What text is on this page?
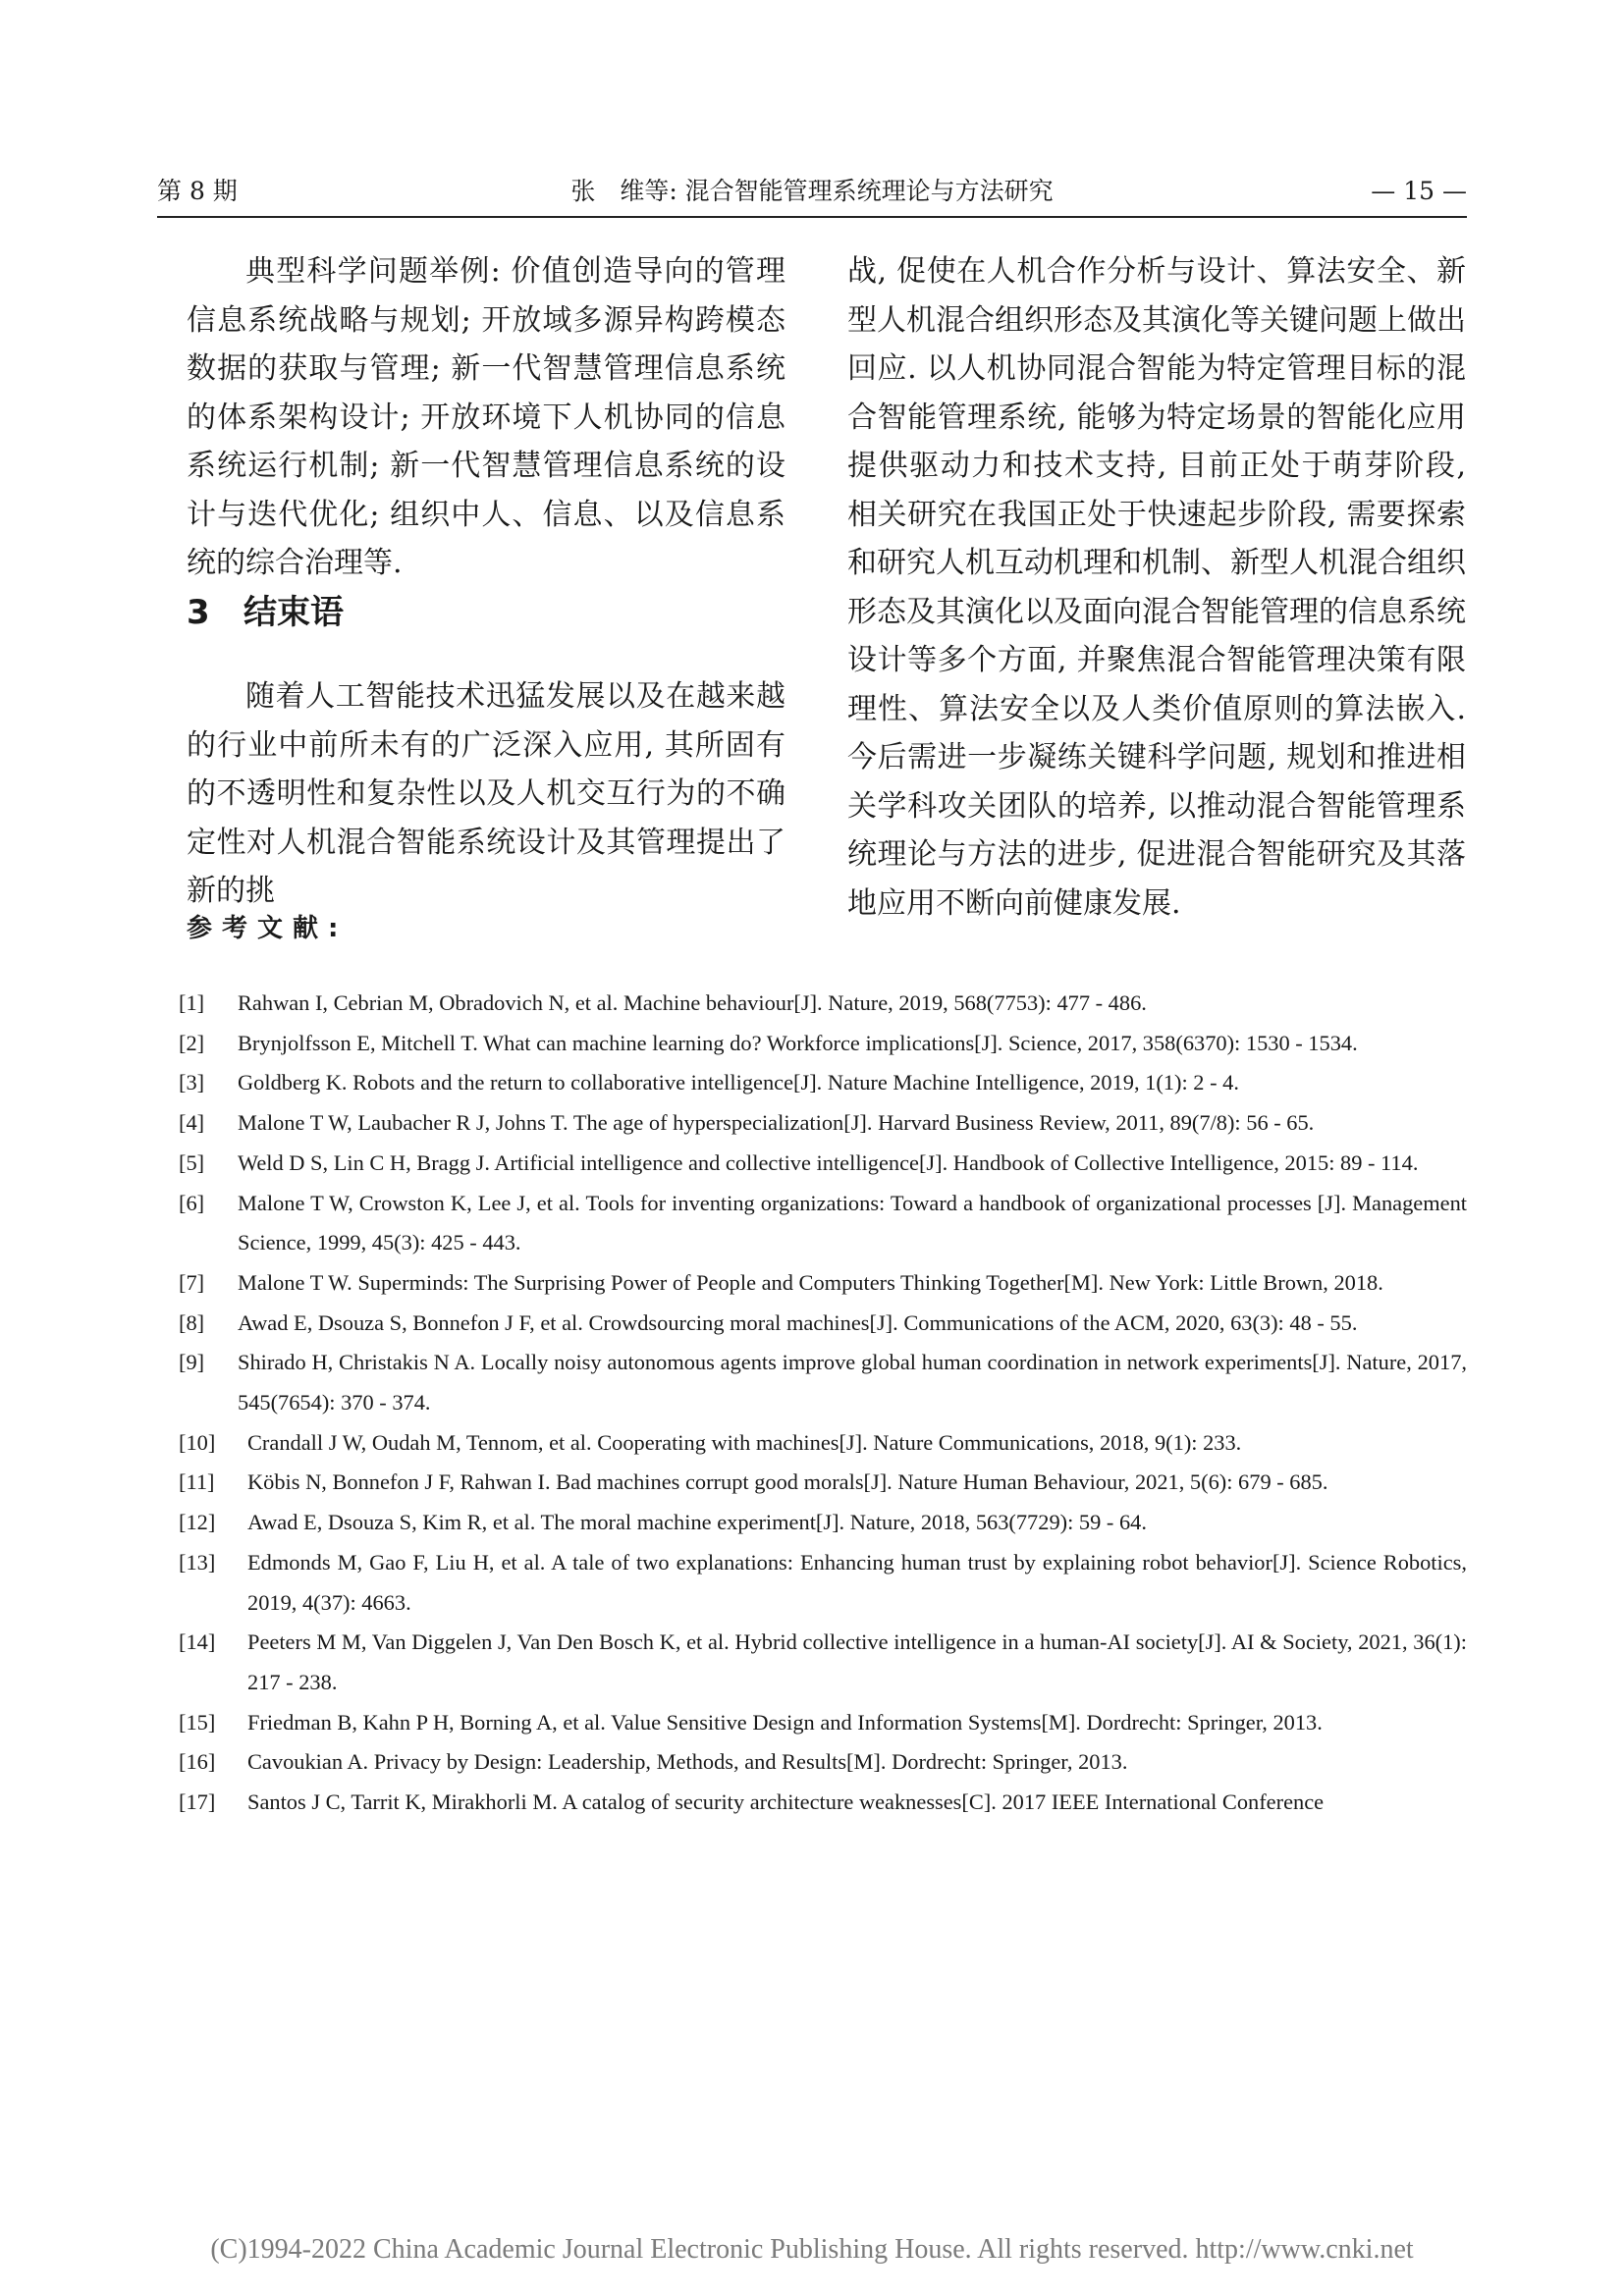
第 8 期	张　维等: 混合智能管理系统理论与方法研究	— 15 —

典型科学问题举例: 价值创造导向的管理信息系统战略与规划; 开放域多源异构跨模态数据的获取与管理; 新一代智慧管理信息系统的体系架构设计; 开放环境下人机协同的信息系统运行机制; 新一代智慧管理信息系统的设计与迭代优化; 组织中人、信息、以及信息系统的综合治理等.

3 结束语

随着人工智能技术迅猛发展以及在越来越的行业中前所未有的广泛深入应用, 其所固有的不透明性和复杂性以及人机交互行为的不确定性对人机混合智能系统设计及其管理提出了新的挑

战, 促使在人机合作分析与设计、算法安全、新型人机混合组织形态及其演化等关键问题上做出回应. 以人机协同混合智能为特定管理目标的混合智能管理系统, 能够为特定场景的智能化应用提供驱动力和技术支持, 目前正处于萌芽阶段, 相关研究在我国正处于快速起步阶段, 需要探索和研究人机互动机理和机制、新型人机混合组织形态及其演化以及面向混合智能管理的信息系统设计等多个方面, 并聚焦混合智能管理决策有限理性、算法安全以及人类价值原则的算法嵌入. 今后需进一步凝练关键科学问题, 规划和推进相关学科攻关团队的培养, 以推动混合智能管理系统理论与方法的进步, 促进混合智能研究及其落地应用不断向前健康发展.

参考文献:

[1] Rahwan I, Cebrian M, Obradovich N, et al. Machine behaviour[J]. Nature, 2019, 568(7753): 477 - 486.

[2] Brynjolfsson E, Mitchell T. What can machine learning do? Workforce implications[J]. Science, 2017, 358(6370): 1530 - 1534.

[3] Goldberg K. Robots and the return to collaborative intelligence[J]. Nature Machine Intelligence, 2019, 1(1): 2 - 4.

[4] Malone T W, Laubacher R J, Johns T. The age of hyperspecialization[J]. Harvard Business Review, 2011, 89(7/8): 56 - 65.

[5] Weld D S, Lin C H, Bragg J. Artificial intelligence and collective intelligence[J]. Handbook of Collective Intelligence, 2015: 89 - 114.

[6] Malone T W, Crowston K, Lee J, et al. Tools for inventing organizations: Toward a handbook of organizational processes [J]. Management Science, 1999, 45(3): 425 - 443.

[7] Malone T W. Superminds: The Surprising Power of People and Computers Thinking Together[M]. New York: Little Brown, 2018.

[8] Awad E, Dsouza S, Bonnefon J F, et al. Crowdsourcing moral machines[J]. Communications of the ACM, 2020, 63(3): 48 - 55.

[9] Shirado H, Christakis N A. Locally noisy autonomous agents improve global human coordination in network experiments[J]. Nature, 2017, 545(7654): 370 - 374.

[10] Crandall J W, Oudah M, Tennom, et al. Cooperating with machines[J]. Nature Communications, 2018, 9(1): 233.

[11] Köbis N, Bonnefon J F, Rahwan I. Bad machines corrupt good morals[J]. Nature Human Behaviour, 2021, 5(6): 679 - 685.

[12] Awad E, Dsouza S, Kim R, et al. The moral machine experiment[J]. Nature, 2018, 563(7729): 59 - 64.

[13] Edmonds M, Gao F, Liu H, et al. A tale of two explanations: Enhancing human trust by explaining robot behavior[J]. Science Robotics, 2019, 4(37): 4663.

[14] Peeters M M, Van Diggelen J, Van Den Bosch K, et al. Hybrid collective intelligence in a human-AI society[J]. AI & Society, 2021, 36(1): 217 - 238.

[15] Friedman B, Kahn P H, Borning A, et al. Value Sensitive Design and Information Systems[M]. Dordrecht: Springer, 2013.

[16] Cavoukian A. Privacy by Design: Leadership, Methods, and Results[M]. Dordrecht: Springer, 2013.

[17] Santos J C, Tarrit K, Mirakhorli M. A catalog of security architecture weaknesses[C]. 2017 IEEE International Conference

(C)1994-2022 China Academic Journal Electronic Publishing House. All rights reserved. http://www.cnki.net
